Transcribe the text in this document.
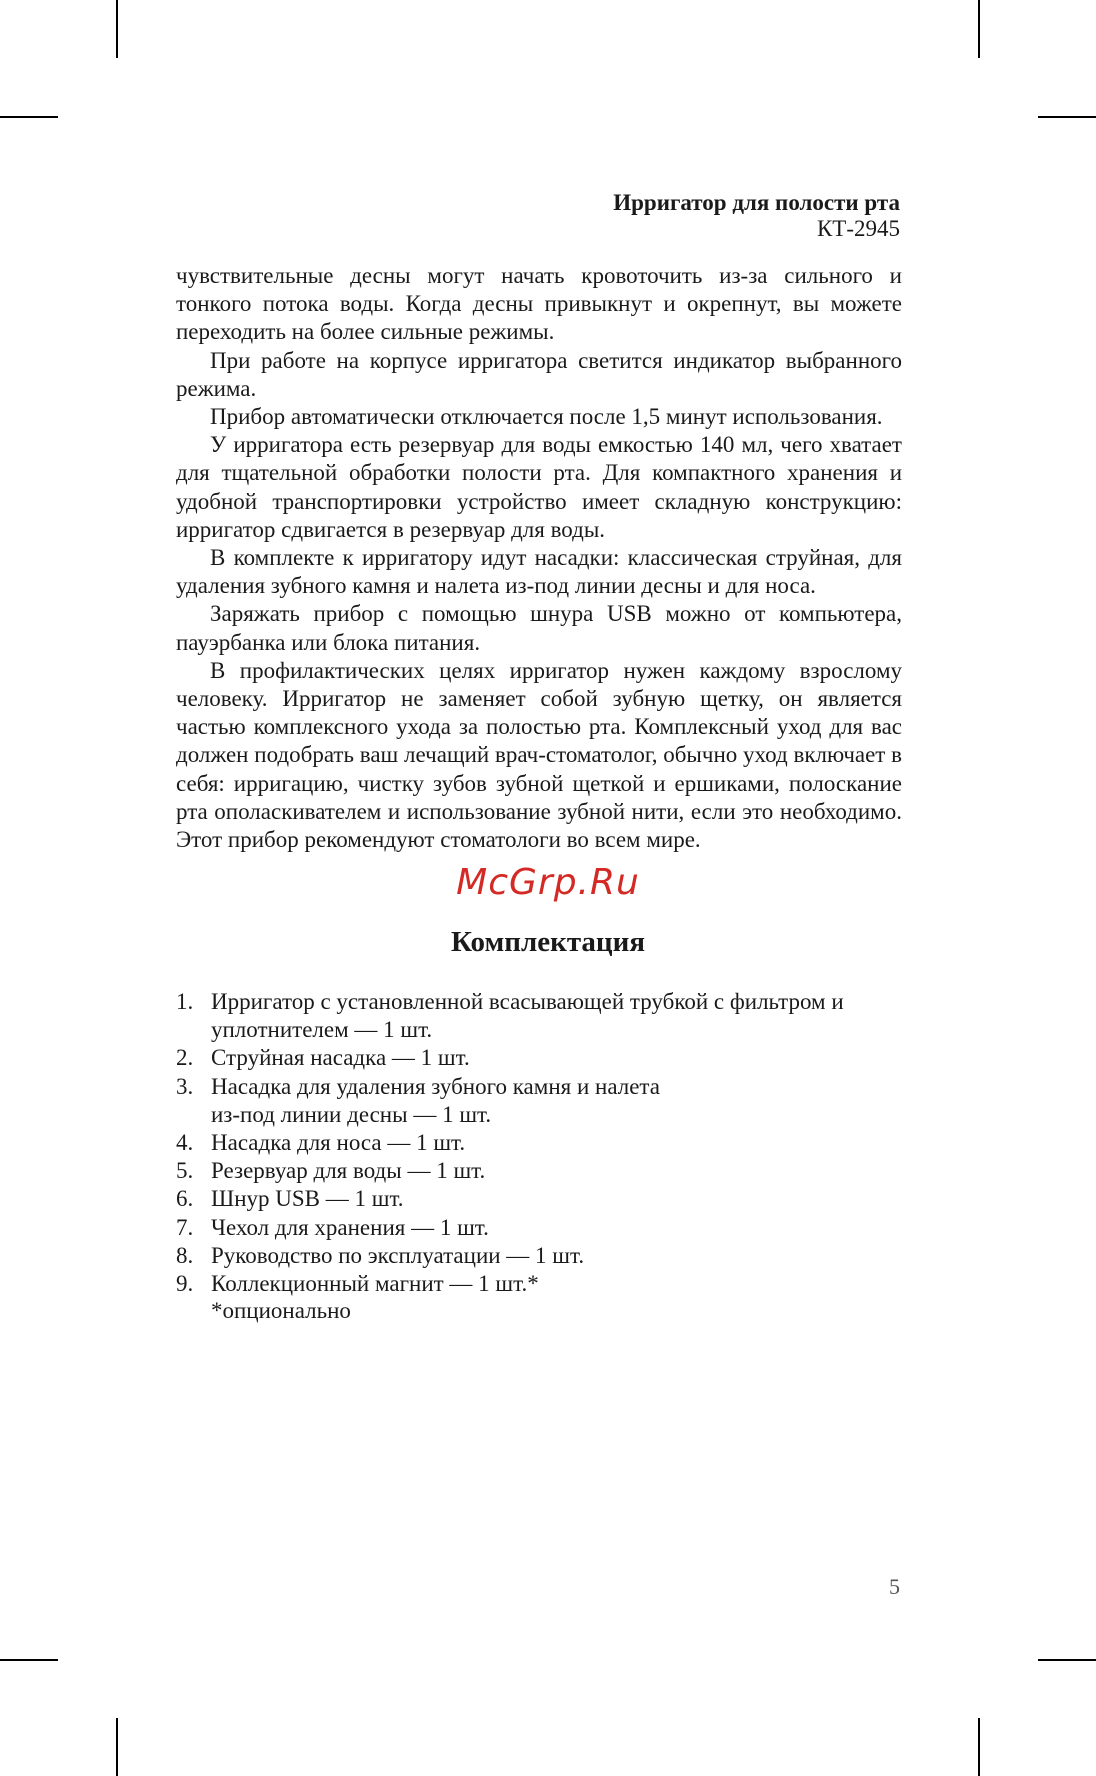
Ирригатор для полости рта
КТ-2945

чувствительные десны могут начать кровоточить из-за сильного и тонкого потока воды. Когда десны привыкнут и окрепнут, вы можете переходить на более сильные режимы.

При работе на корпусе ирригатора светится индикатор выбранного режима.

Прибор автоматически отключается после 1,5 минут использования.

У ирригатора есть резервуар для воды емкостью 140 мл, чего хватает для тщательной обработки полости рта. Для компактного хранения и удобной транспортировки устройство имеет складную конструкцию: ирригатор сдвигается в резервуар для воды.

В комплекте к ирригатору идут насадки: классическая струйная, для удаления зубного камня и налета из-под линии десны и для носа.

Заряжать прибор с помощью шнура USB можно от компьютера, пауэрбанка или блока питания.

В профилактических целях ирригатор нужен каждому взрослому человеку. Ирригатор не заменяет собой зубную щетку, он является частью комплексного ухода за полостью рта. Комплексный уход для вас должен подобрать ваш лечащий врач-стоматолог, обычно уход включает в себя: ирригацию, чистку зубов зубной щеткой и ершиками, полоскание рта ополаскивателем и использование зубной нити, если это необходимо. Этот прибор рекомендуют стоматологи во всем мире.

McGrp.Ru
Комплектация
1. Ирригатор с установленной всасывающей трубкой с фильтром и уплотнителем — 1 шт.
2. Струйная насадка — 1 шт.
3. Насадка для удаления зубного камня и налета
из-под линии десны — 1 шт.
4. Насадка для носа — 1 шт.
5. Резервуар для воды — 1 шт.
6. Шнур USB — 1 шт.
7. Чехол для хранения — 1 шт.
8. Руководство по эксплуатации — 1 шт.
9. Коллекционный магнит — 1 шт.*
*опционально
5
